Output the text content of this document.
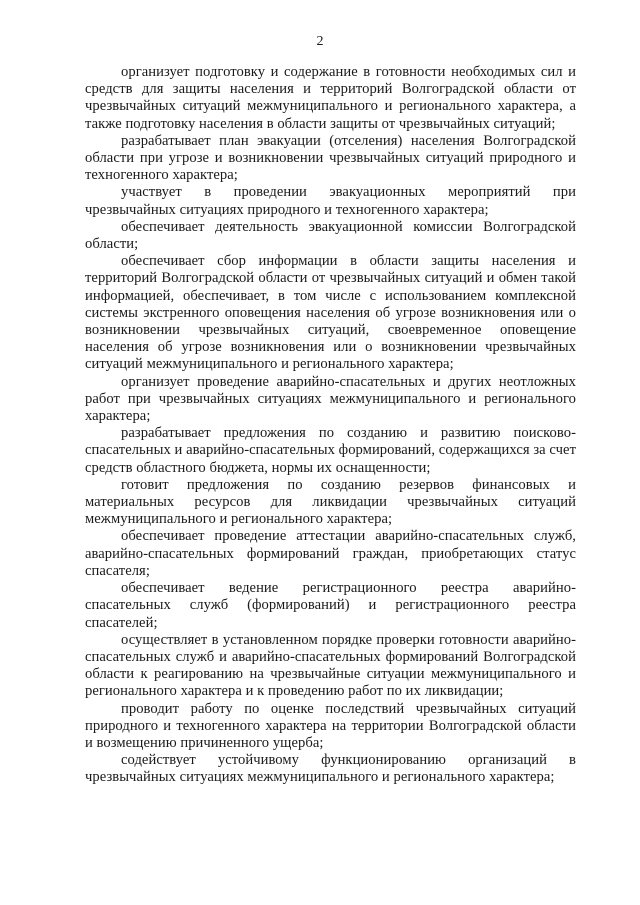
2

организует подготовку и содержание в готовности необходимых сил и средств для защиты населения и территорий Волгоградской области от чрезвычайных ситуаций межмуниципального и регионального характера, а также подготовку населения в области защиты от чрезвычайных ситуаций;

разрабатывает план эвакуации (отселения) населения Волгоградской области при угрозе и возникновении чрезвычайных ситуаций природного и техногенного характера;

участвует в проведении эвакуационных мероприятий при чрезвычайных ситуациях природного и техногенного характера;

обеспечивает деятельность эвакуационной комиссии Волгоградской области;

обеспечивает сбор информации в области защиты населения и территорий Волгоградской области от чрезвычайных ситуаций и обмен такой информацией, обеспечивает, в том числе с использованием комплексной системы экстренного оповещения населения об угрозе возникновения или о возникновении чрезвычайных ситуаций, своевременное оповещение населения об угрозе возникновения или о возникновении чрезвычайных ситуаций межмуниципального и регионального характера;

организует проведение аварийно-спасательных и других неотложных работ при чрезвычайных ситуациях межмуниципального и регионального характера;

разрабатывает предложения по созданию и развитию поисково-спасательных и аварийно-спасательных формирований, содержащихся за счет средств областного бюджета, нормы их оснащенности;

готовит предложения по созданию резервов финансовых и материальных ресурсов для ликвидации чрезвычайных ситуаций межмуниципального и регионального характера;

обеспечивает проведение аттестации аварийно-спасательных служб, аварийно-спасательных формирований граждан, приобретающих статус спасателя;

обеспечивает ведение регистрационного реестра аварийно-спасательных служб (формирований) и регистрационного реестра спасателей;

осуществляет в установленном порядке проверки готовности аварийно-спасательных служб и аварийно-спасательных формирований Волгоградской области к реагированию на чрезвычайные ситуации межмуниципального и регионального характера и к проведению работ по их ликвидации;

проводит работу по оценке последствий чрезвычайных ситуаций природного и техногенного характера на территории Волгоградской области и возмещению причиненного ущерба;

содействует устойчивому функционированию организаций в чрезвычайных ситуациях межмуниципального и регионального характера;
